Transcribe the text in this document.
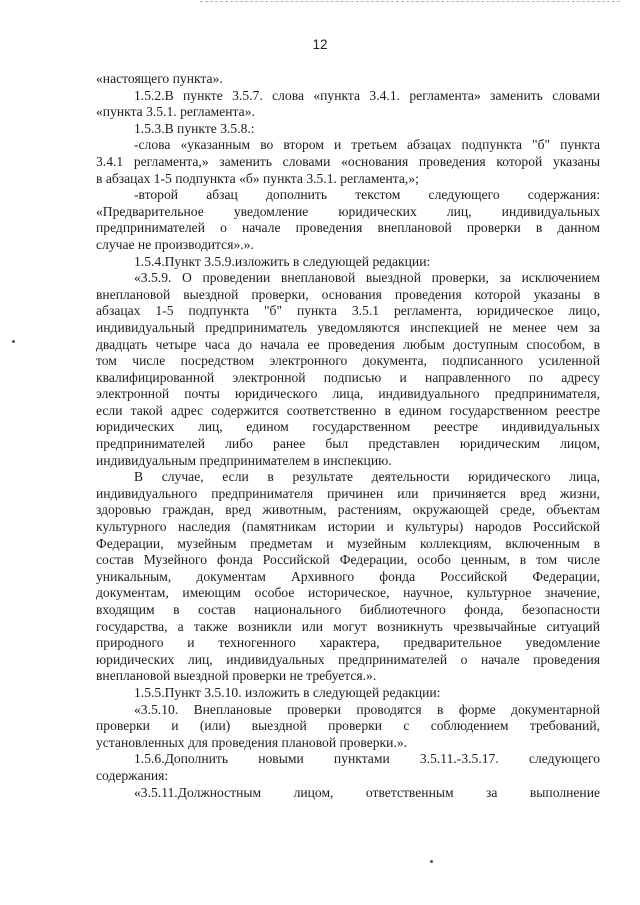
12
«настоящего пункта».
1.5.2.В пункте 3.5.7. слова «пункта 3.4.1. регламента» заменить словами
«пункта 3.5.1. регламента».
1.5.3.В пункте 3.5.8.:
-слова «указанным во втором и третьем абзацах подпункта "б" пункта
3.4.1 регламента,» заменить словами «основания проведения которой указаны
в абзацах 1-5 подпункта «б» пункта 3.5.1. регламента,»;
-второй абзац дополнить текстом следующего содержания:
«Предварительное уведомление юридических лиц, индивидуальных
предпринимателей о начале проведения внеплановой проверки в данном
случае не производится».».
1.5.4.Пункт 3.5.9.изложить в следующей редакции:
«3.5.9. О проведении внеплановой выездной проверки, за исключением
внеплановой выездной проверки, основания проведения которой указаны в
абзацах 1-5 подпункта "б" пункта 3.5.1 регламента, юридическое лицо,
индивидуальный предприниматель уведомляются инспекцией не менее чем за
двадцать четыре часа до начала ее проведения любым доступным способом, в
том числе посредством электронного документа, подписанного усиленной
квалифицированной электронной подписью и направленного по адресу
электронной почты юридического лица, индивидуального предпринимателя,
если такой адрес содержится соответственно в едином государственном реестре
юридических лиц, едином государственном реестре индивидуальных
предпринимателей либо ранее был представлен юридическим лицом,
индивидуальным предпринимателем в инспекцию.
В случае, если в результате деятельности юридического лица,
индивидуального предпринимателя причинен или причиняется вред жизни,
здоровью граждан, вред животным, растениям, окружающей среде, объектам
культурного наследия (памятникам истории и культуры) народов Российской
Федерации, музейным предметам и музейным коллекциям, включенным в
состав Музейного фонда Российской Федерации, особо ценным, в том числе
уникальным, документам Архивного фонда Российской Федерации,
документам, имеющим особое историческое, научное, культурное значение,
входящим в состав национального библиотечного фонда, безопасности
государства, а также возникли или могут возникнуть чрезвычайные ситуаций
природного и техногенного характера, предварительное уведомление
юридических лиц, индивидуальных предпринимателей о начале проведения
внеплановой выездной проверки не требуется.».
1.5.5.Пункт 3.5.10. изложить в следующей редакции:
«3.5.10. Внеплановые проверки проводятся в форме документарной
проверки и (или) выездной проверки с соблюдением требований,
установленных для проведения плановой проверки.».
1.5.6.Дополнить новыми пунктами 3.5.11.-3.5.17. следующего
содержания:
«3.5.11.Должностным лицом, ответственным за выполнение
